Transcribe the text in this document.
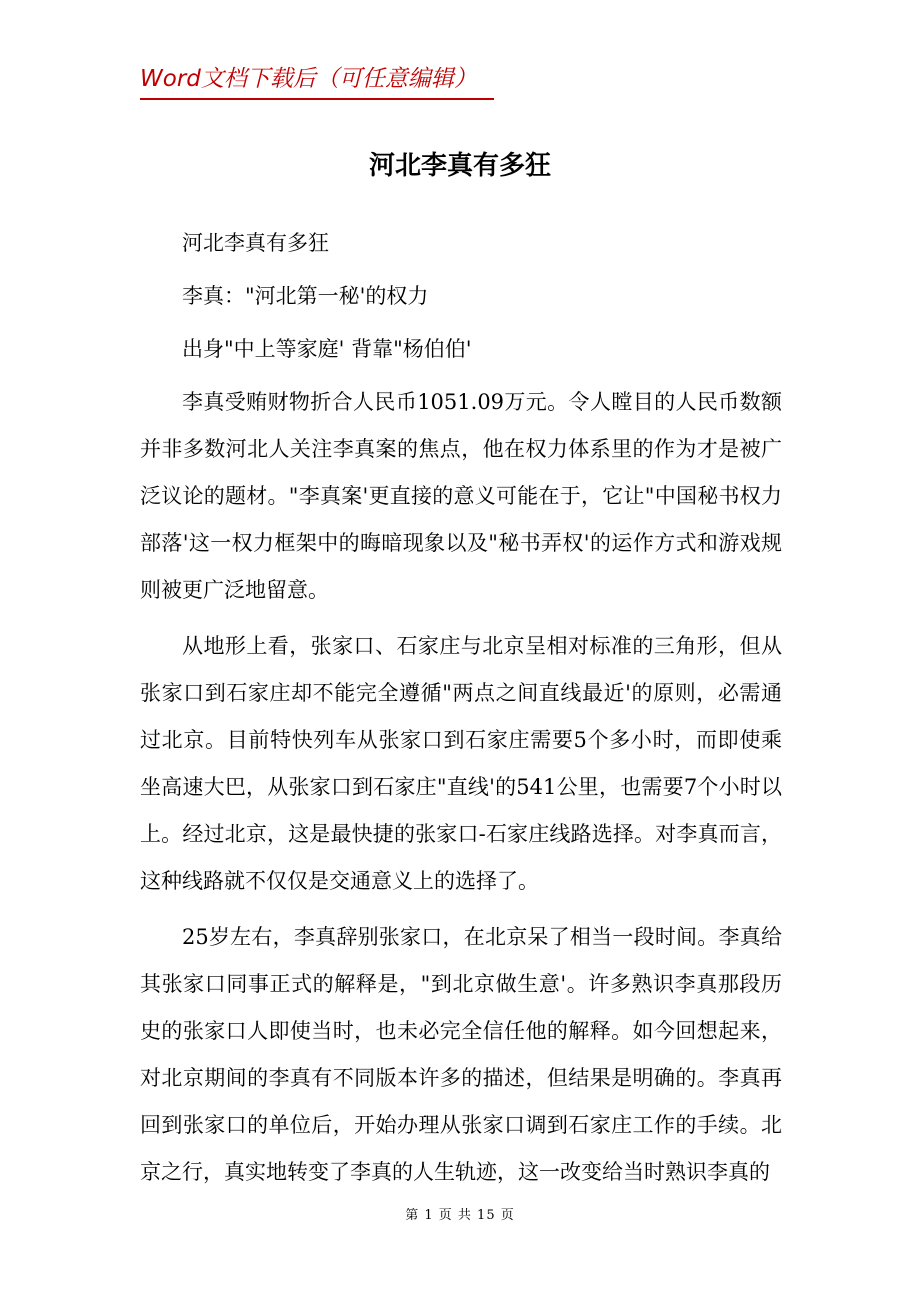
Word文档下载后（可任意编辑）
河北李真有多狂

河北李真有多狂

李真："河北第一秘'的权力

出身"中上等家庭' 背靠"杨伯伯'

李真受贿财物折合人民币1051.09万元。令人瞠目的人民币数额并非多数河北人关注李真案的焦点，他在权力体系里的作为才是被广泛议论的题材。"李真案'更直接的意义可能在于，它让"中国秘书权力部落'这一权力框架中的晦暗现象以及"秘书弄权'的运作方式和游戏规则被更广泛地留意。

从地形上看，张家口、石家庄与北京呈相对标准的三角形，但从张家口到石家庄却不能完全遵循"两点之间直线最近'的原则，必需通过北京。目前特快列车从张家口到石家庄需要5个多小时，而即使乘坐高速大巴，从张家口到石家庄"直线'的541公里，也需要7个小时以上。经过北京，这是最快捷的张家口-石家庄线路选择。对李真而言，这种线路就不仅仅是交通意义上的选择了。

25岁左右，李真辞别张家口，在北京呆了相当一段时间。李真给其张家口同事正式的解释是，"到北京做生意'。许多熟识李真那段历史的张家口人即使当时，也未必完全信任他的解释。如今回想起来，对北京期间的李真有不同版本许多的描述，但结果是明确的。李真再回到张家口的单位后，开始办理从张家口调到石家庄工作的手续。北京之行，真实地转变了李真的人生轨迹，这一改变给当时熟识李真的

第 1 页 共 15 页
